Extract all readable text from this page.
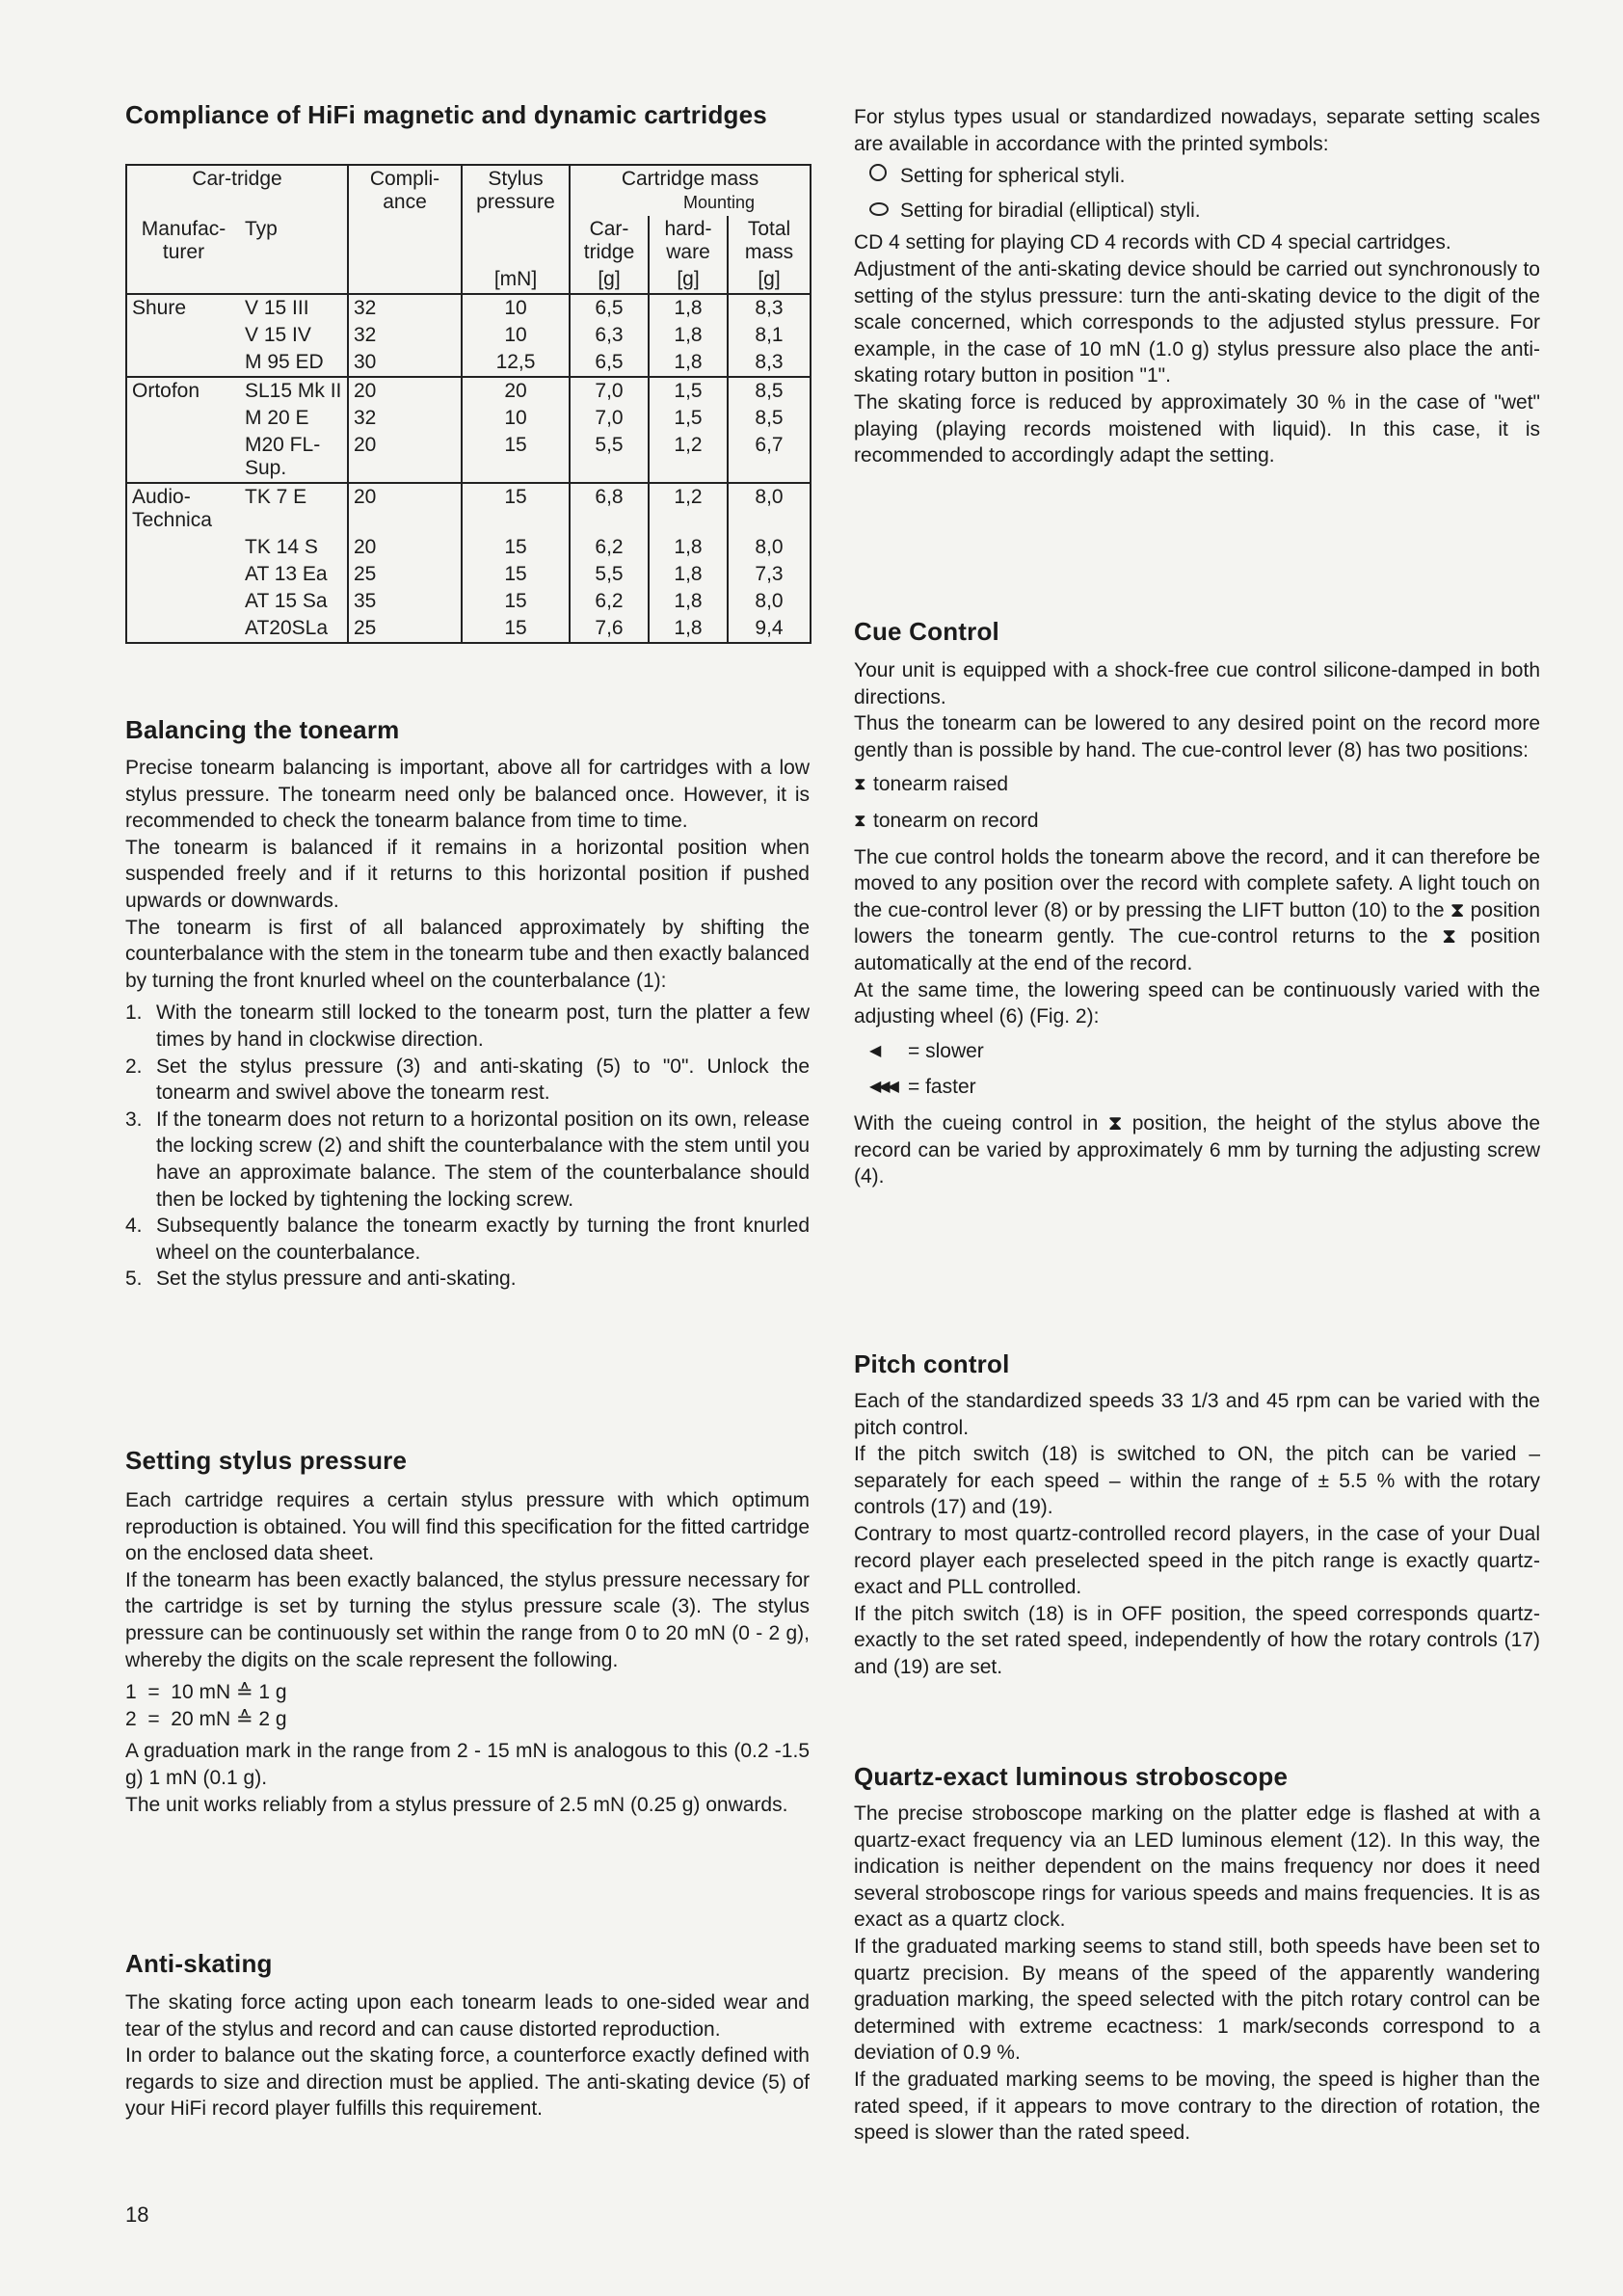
Compliance of HiFi magnetic and dynamic cartridges
Car-tridge		Compli-ance	Stylus pressure	Cartridge mass
Mounting		

Manufac-turer	Typ			Car-tridge	hard-ware	Total mass
			[mN]	[g]	[g]	[g]
Shure	V 15 III	32	10	6,5	1,8	8,3
	V 15 IV	32	10	6,3	1,8	8,1
	M 95 ED	30	12,5	6,5	1,8	8,3
Ortofon	SL15 Mk II	20	20	7,0	1,5	8,5
	M 20 E	32	10	7,0	1,5	8,5
	M20 FL-Sup.	20	15	5,5	1,2	6,7
Audio-Technica	TK 7 E	20	15	6,8	1,2	8,0
	TK 14 S	20	15	6,2	1,8	8,0
	AT 13 Ea	25	15	5,5	1,8	7,3
	AT 15 Sa	35	15	6,2	1,8	8,0
	AT20SLa	25	15	7,6	1,8	9,4
Balancing the tonearm

Precise tonearm balancing is important, above all for cartridges with a low stylus pressure. The tonearm need only be balanced once. However, it is recommended to check the tonearm balance from time to time.

The tonearm is balanced if it remains in a horizontal position when suspended freely and if it returns to this horizontal position if pushed upwards or downwards.

The tonearm is first of all balanced approximately by shifting the counterbalance with the stem in the tonearm tube and then exactly balanced by turning the front knurled wheel on the counterbalance (1):

1. With the tonearm still locked to the tonearm post, turn the platter a few times by hand in clockwise direction.
2. Set the stylus pressure (3) and anti-skating (5) to "0". Unlock the tonearm and swivel above the tonearm rest.
3. If the tonearm does not return to a horizontal position on its own, release the locking screw (2) and shift the counterbalance with the stem until you have an approximate balance. The stem of the counterbalance should then be locked by tightening the locking screw.
4. Subsequently balance the tonearm exactly by turning the front knurled wheel on the counterbalance.
5. Set the stylus pressure and anti-skating.
Setting stylus pressure

Each cartridge requires a certain stylus pressure with which optimum reproduction is obtained. You will find this specification for the fitted cartridge on the enclosed data sheet.

If the tonearm has been exactly balanced, the stylus pressure necessary for the cartridge is set by turning the stylus pressure scale (3). The stylus pressure can be continuously set within the range from 0 to 20 mN (0 - 2 g), whereby the digits on the scale represent the following.

1  =  10 mN ≙ 1 g
2  =  20 mN ≙ 2 g

A graduation mark in the range from 2 - 15 mN is analogous to this (0.2 -1.5 g) 1 mN (0.1 g).

The unit works reliably from a stylus pressure of 2.5 mN (0.25 g) onwards.

Anti-skating

The skating force acting upon each tonearm leads to one-sided wear and tear of the stylus and record and can cause distorted reproduction.

In order to balance out the skating force, a counterforce exactly defined with regards to size and direction must be applied. The anti-skating device (5) of your HiFi record player fulfills this requirement.

For stylus types usual or standardized nowadays, separate setting scales are available in accordance with the printed symbols:

Setting for spherical styli.
Setting for biradial (elliptical) styli.

CD 4 setting for playing CD 4 records with CD 4 special cartridges.

Adjustment of the anti-skating device should be carried out synchronously to setting of the stylus pressure: turn the anti-skating device to the digit of the scale concerned, which corresponds to the adjusted stylus pressure. For example, in the case of 10 mN (1.0 g) stylus pressure also place the anti-skating rotary button in position "1".

The skating force is reduced by approximately 30 % in the case of "wet" playing (playing records moistened with liquid). In this case, it is recommended to accordingly adapt the setting.

Cue Control

Your unit is equipped with a shock-free cue control silicone-damped in both directions.

Thus the tonearm can be lowered to any desired point on the record more gently than is possible by hand. The cue-control lever (8) has two positions:

⧗ tonearm raised
⧗ tonearm on record

The cue control holds the tonearm above the record, and it can therefore be moved to any position over the record with complete safety. A light touch on the cue-control lever (8) or by pressing the LIFT button (10) to the ⧗ position lowers the tonearm gently. The cue-control returns to the ⧗ position automatically at the end of the record.

At the same time, the lowering speed can be continuously varied with the adjusting wheel (6) (Fig. 2):

◀	= slower
◀◀◀ = faster

With the cueing control in ⧗ position, the height of the stylus above the record can be varied by approximately 6 mm by turning the adjusting screw (4).

Pitch control

Each of the standardized speeds 33 1/3 and 45 rpm can be varied with the pitch control.

If the pitch switch (18) is switched to ON, the pitch can be varied – separately for each speed – within the range of ± 5.5 % with the rotary controls (17) and (19).

Contrary to most quartz-controlled record players, in the case of your Dual record player each preselected speed in the pitch range is exactly quartz-exact and PLL controlled.

If the pitch switch (18) is in OFF position, the speed corresponds quartz-exactly to the set rated speed, independently of how the rotary controls (17) and (19) are set.

Quartz-exact luminous stroboscope

The precise stroboscope marking on the platter edge is flashed at with a quartz-exact frequency via an LED luminous element (12). In this way, the indication is neither dependent on the mains frequency nor does it need several stroboscope rings for various speeds and mains frequencies. It is as exact as a quartz clock.

If the graduated marking seems to stand still, both speeds have been set to quartz precision. By means of the speed of the apparently wandering graduation marking, the speed selected with the pitch rotary control can be determined with extreme ecactness: 1 mark/seconds correspond to a deviation of 0.9 %.

If the graduated marking seems to be moving, the speed is higher than the rated speed, if it appears to move contrary to the direction of rotation, the speed is slower than the rated speed.

18
